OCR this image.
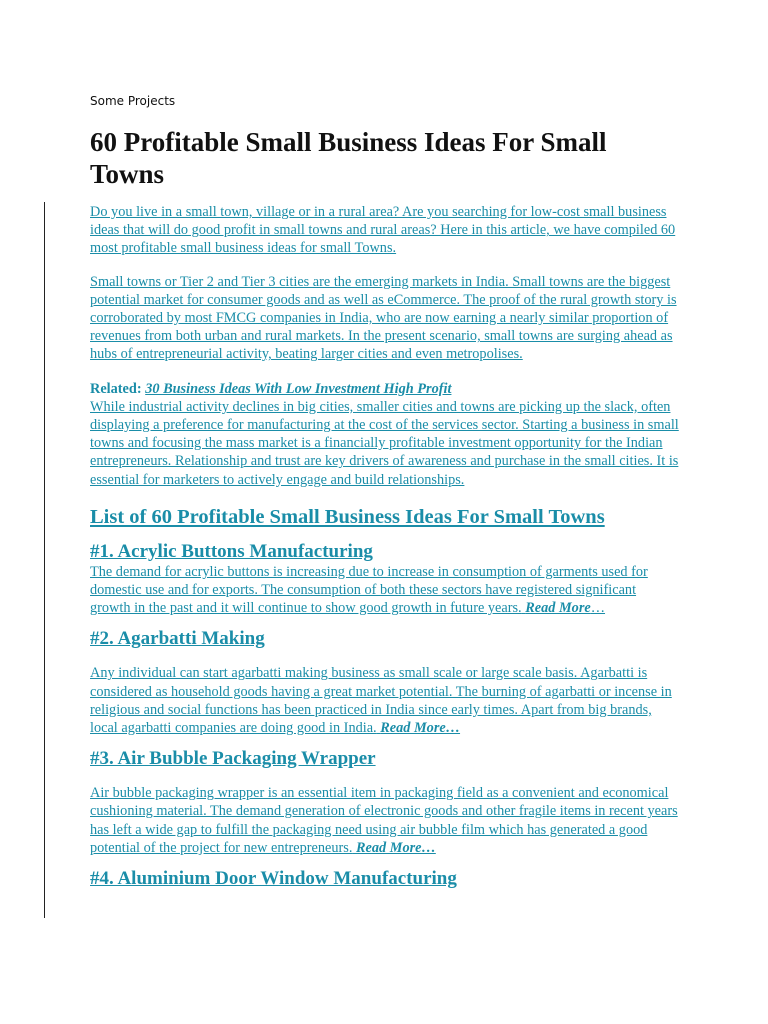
Some Projects

60 Profitable Small Business Ideas For Small Towns

Do you live in a small town, village or in a rural area? Are you searching for low-cost small business ideas that will do good profit in small towns and rural areas? Here in this article, we have compiled 60 most profitable small business ideas for small Towns.

Small towns or Tier 2 and Tier 3 cities are the emerging markets in India. Small towns are the biggest potential market for consumer goods and as well as eCommerce. The proof of the rural growth story is corroborated by most FMCG companies in India, who are now earning a nearly similar proportion of revenues from both urban and rural markets. In the present scenario, small towns are surging ahead as hubs of entrepreneurial activity, beating larger cities and even metropolises.

Related: 30 Business Ideas With Low Investment High Profit

While industrial activity declines in big cities, smaller cities and towns are picking up the slack, often displaying a preference for manufacturing at the cost of the services sector. Starting a business in small towns and focusing the mass market is a financially profitable investment opportunity for the Indian entrepreneurs. Relationship and trust are key drivers of awareness and purchase in the small cities. It is essential for marketers to actively engage and build relationships.

List of 60 Profitable Small Business Ideas For Small Towns
#1. Acrylic Buttons Manufacturing

The demand for acrylic buttons is increasing due to increase in consumption of garments used for domestic use and for exports. The consumption of both these sectors have registered significant growth in the past and it will continue to show good growth in future years. Read More…

#2. Agarbatti Making

Any individual can start agarbatti making business as small scale or large scale basis. Agarbatti is considered as household goods having a great market potential. The burning of agarbatti or incense in religious and social functions has been practiced in India since early times. Apart from big brands, local agarbatti companies are doing good in India. Read More…

#3. Air Bubble Packaging Wrapper

Air bubble packaging wrapper is an essential item in packaging field as a convenient and economical cushioning material. The demand generation of electronic goods and other fragile items in recent years has left a wide gap to fulfill the packaging need using air bubble film which has generated a good potential of the project for new entrepreneurs. Read More…

#4. Aluminium Door Window Manufacturing
